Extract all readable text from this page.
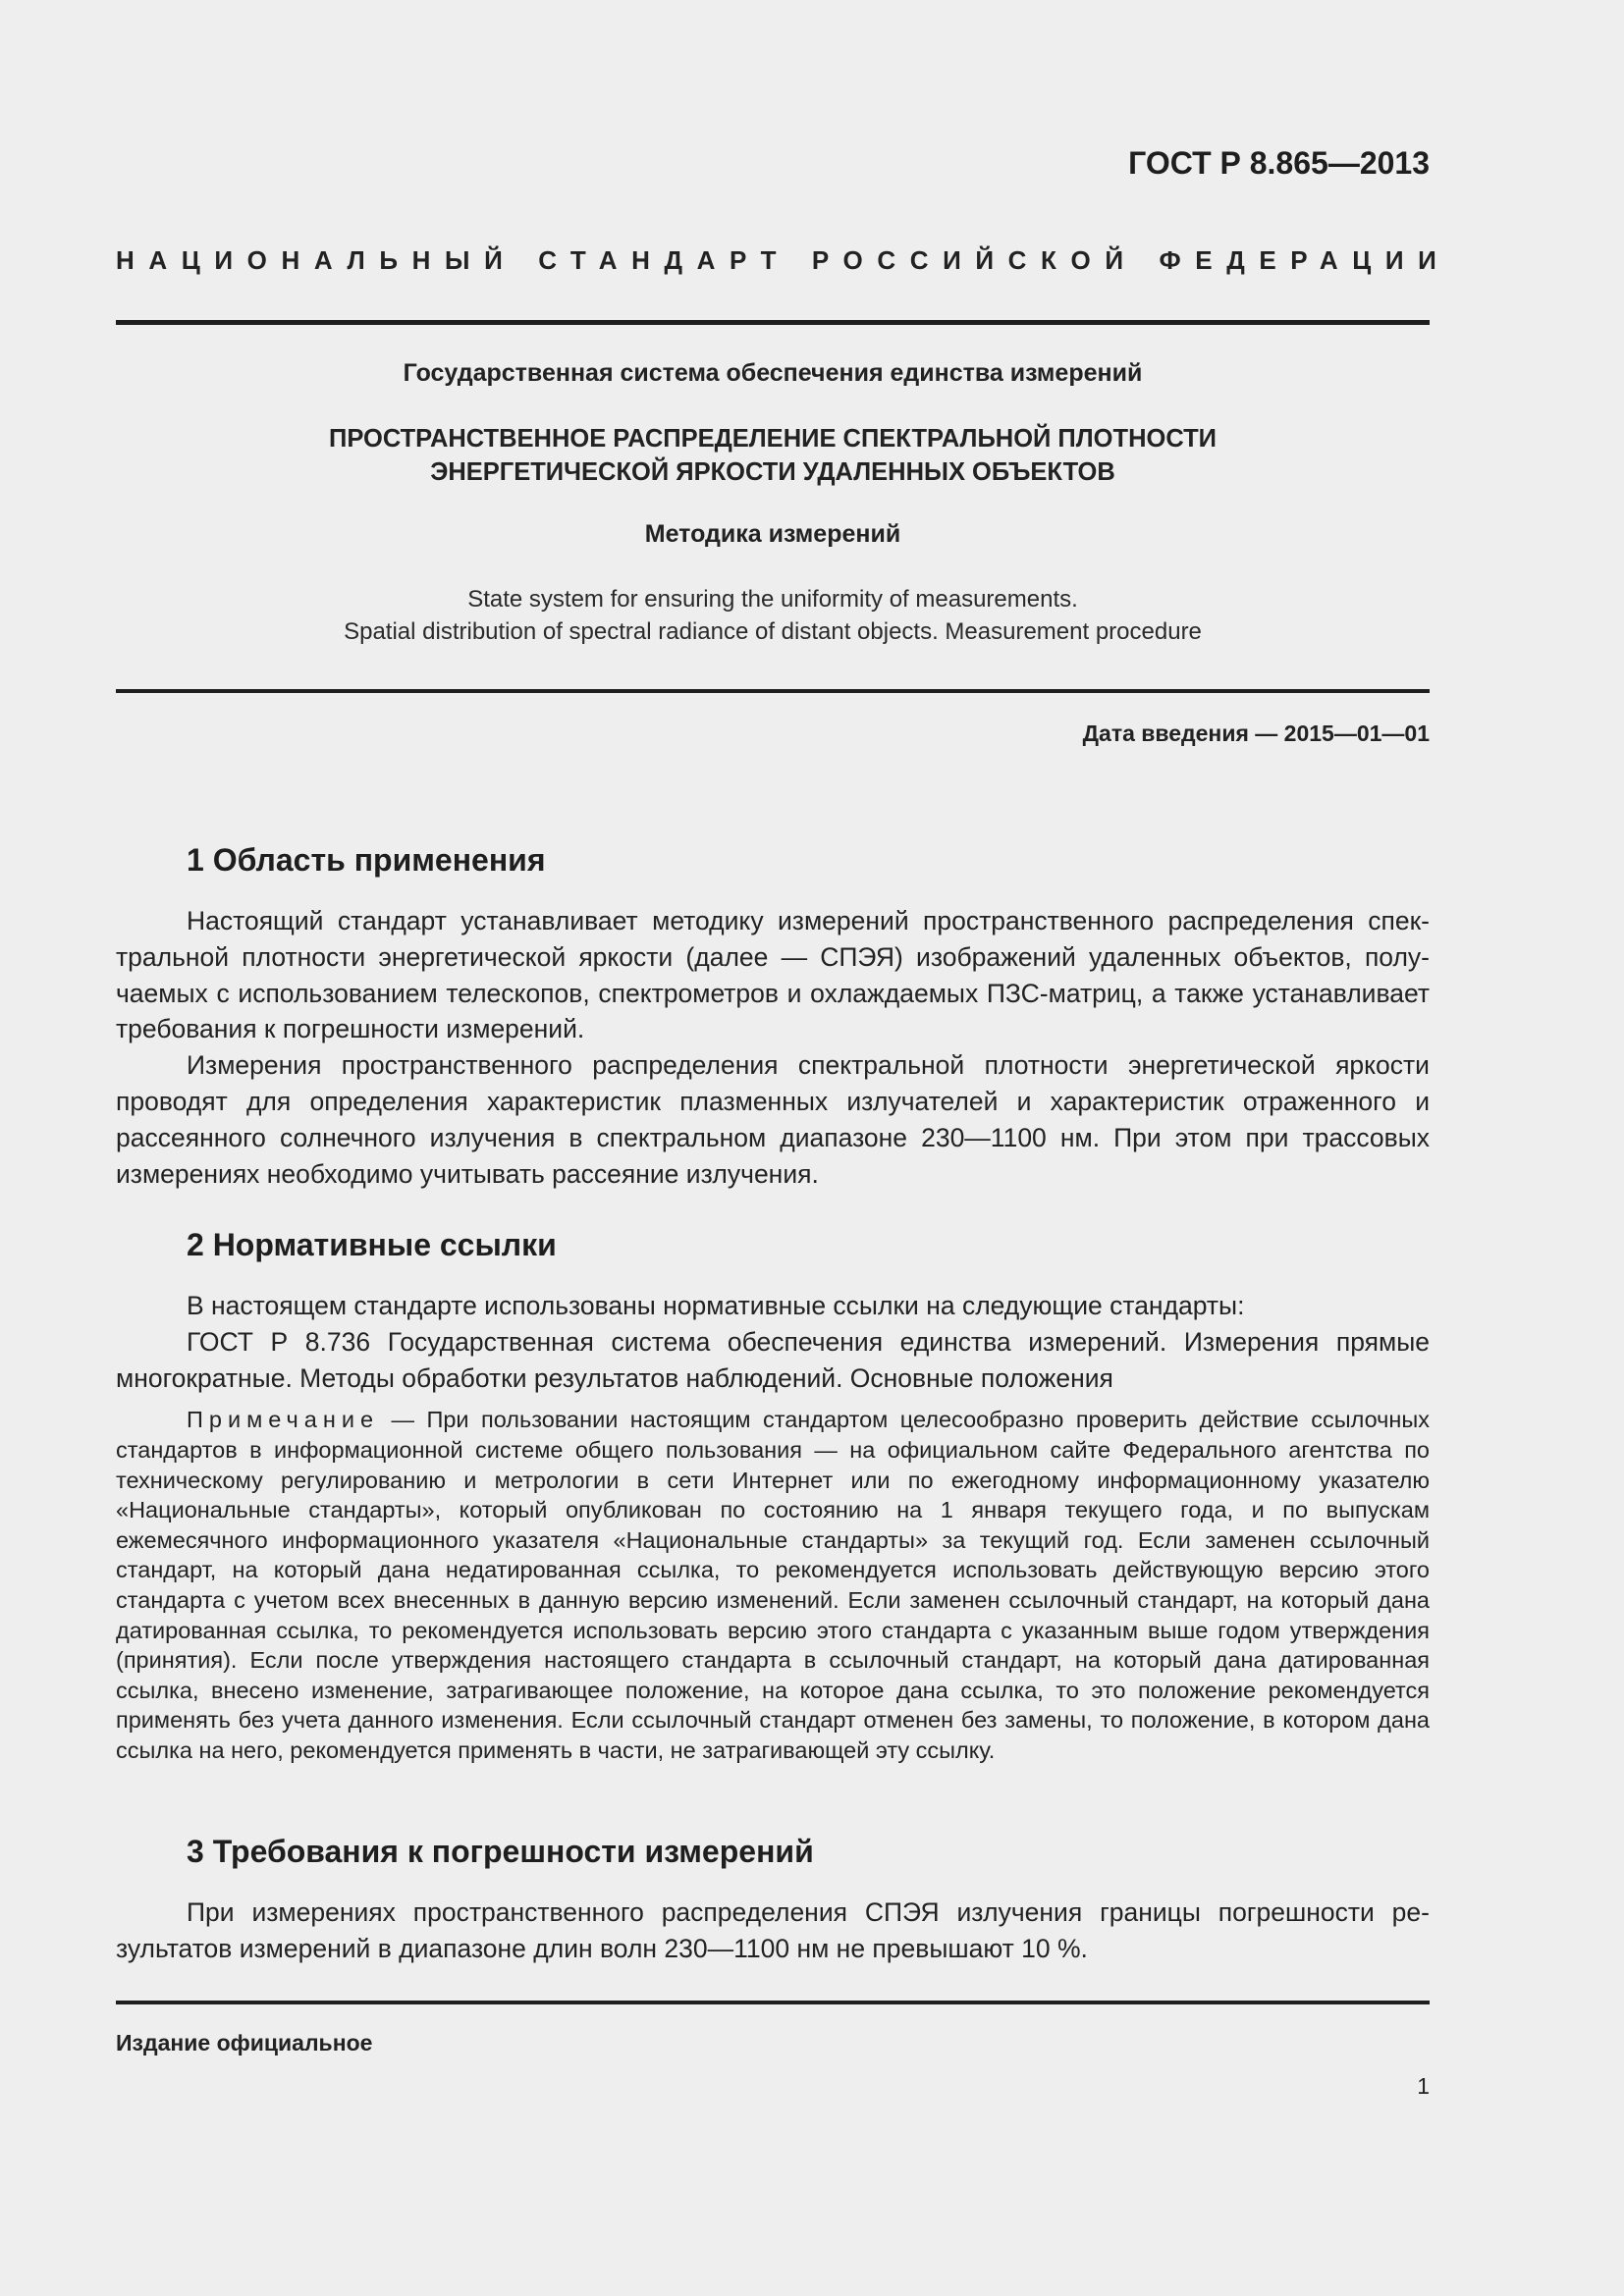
ГОСТ Р 8.865—2013

НАЦИОНАЛЬНЫЙ СТАНДАРТ РОССИЙСКОЙ ФЕДЕРАЦИИ

Государственная система обеспечения единства измерений

ПРОСТРАНСТВЕННОЕ РАСПРЕДЕЛЕНИЕ СПЕКТРАЛЬНОЙ ПЛОТНОСТИ
ЭНЕРГЕТИЧЕСКОЙ ЯРКОСТИ УДАЛЕННЫХ ОБЪЕКТОВ

Методика измерений

State system for ensuring the uniformity of measurements.
Spatial distribution of spectral radiance of distant objects. Measurement procedure

Дата введения — 2015—01—01

1 Область применения

Настоящий стандарт устанавливает методику измерений пространственного распределения спектральной плотности энергетической яркости (далее — СПЭЯ) изображений удаленных объектов, получаемых с использованием телескопов, спектрометров и охлаждаемых ПЗС-матриц, а также устанавливает требования к погрешности измерений.

Измерения пространственного распределения спектральной плотности энергетической яркости проводят для определения характеристик плазменных излучателей и характеристик отраженного и рассеянного солнечного излучения в спектральном диапазоне 230—1100 нм. При этом при трассовых измерениях необходимо учитывать рассеяние излучения.

2 Нормативные ссылки

В настоящем стандарте использованы нормативные ссылки на следующие стандарты:

ГОСТ Р 8.736 Государственная система обеспечения единства измерений. Измерения прямые многократные. Методы обработки результатов наблюдений. Основные положения

Примечание — При пользовании настоящим стандартом целесообразно проверить действие ссылочных стандартов в информационной системе общего пользования — на официальном сайте Федерального агентства по техническому регулированию и метрологии в сети Интернет или по ежегодному информационному указателю «Национальные стандарты», который опубликован по состоянию на 1 января текущего года, и по выпускам ежемесячного информационного указателя «Национальные стандарты» за текущий год. Если заменен ссылочный стандарт, на который дана недатированная ссылка, то рекомендуется использовать действующую версию этого стандарта с учетом всех внесенных в данную версию изменений. Если заменен ссылочный стандарт, на который дана датированная ссылка, то рекомендуется использовать версию этого стандарта с указанным выше годом утверждения (принятия). Если после утверждения настоящего стандарта в ссылочный стандарт, на который дана датированная ссылка, внесено изменение, затрагивающее положение, на которое дана ссылка, то это положение рекомендуется применять без учета данного изменения. Если ссылочный стандарт отменен без замены, то положение, в котором дана ссылка на него, рекомендуется применять в части, не затрагивающей эту ссылку.

3 Требования к погрешности измерений

При измерениях пространственного распределения СПЭЯ излучения границы погрешности результатов измерений в диапазоне длин волн 230—1100 нм не превышают 10 %.

Издание официальное

1
